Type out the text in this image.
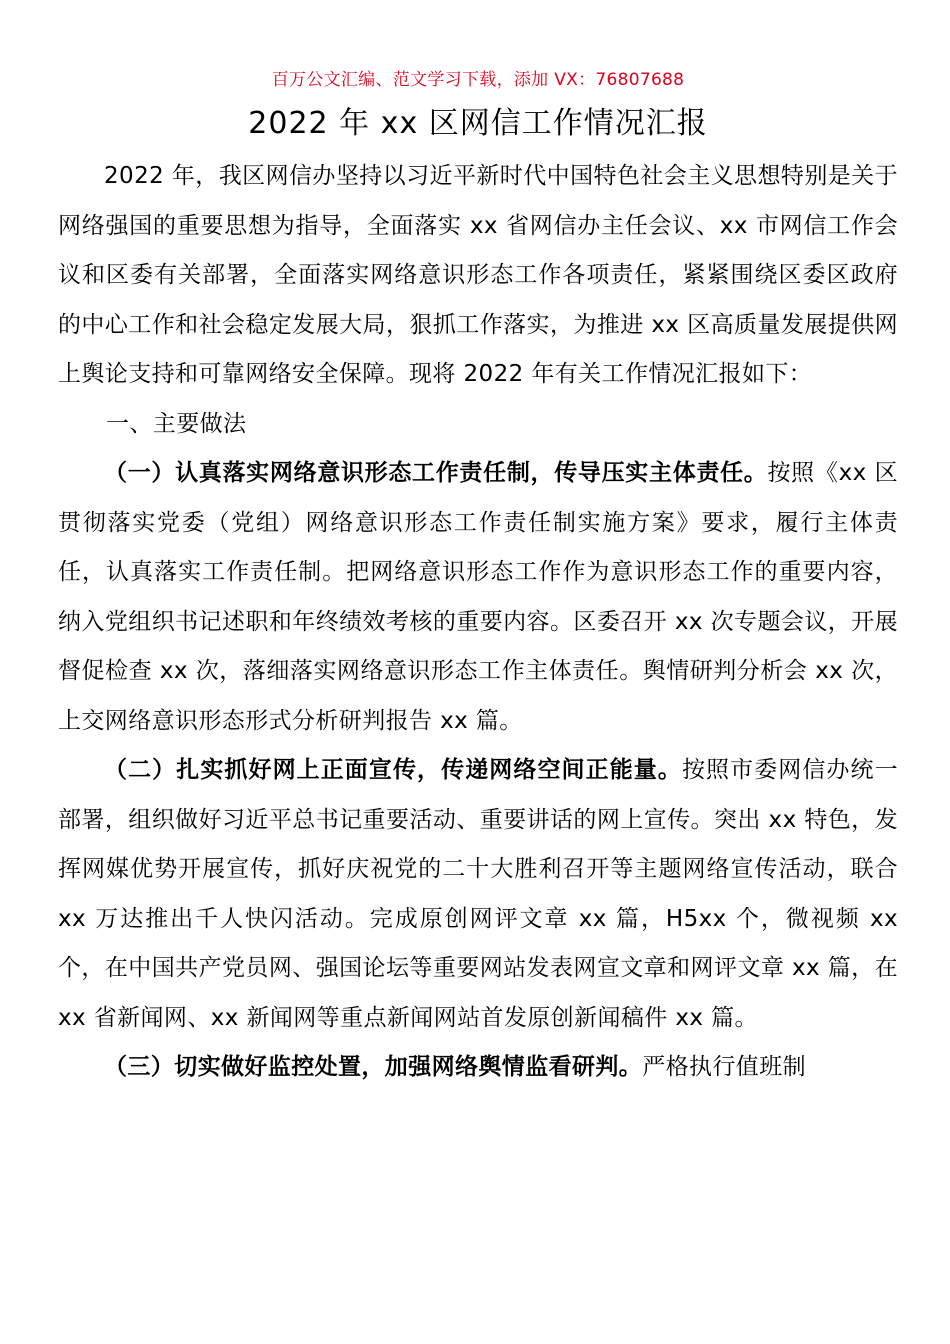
百万公文汇编、范文学习下载，添加 VX：76807688

2022 年 xx 区网信工作情况汇报

2022 年，我区网信办坚持以习近平新时代中国特色社会主义思想特别是关于网络强国的重要思想为指导，全面落实 xx 省网信办主任会议、xx 市网信工作会议和区委有关部署，全面落实网络意识形态工作各项责任，紧紧围绕区委区政府的中心工作和社会稳定发展大局，狠抓工作落实，为推进 xx 区高质量发展提供网上舆论支持和可靠网络安全保障。现将 2022 年有关工作情况汇报如下：

一、主要做法

（一）认真落实网络意识形态工作责任制，传导压实主体责任。按照《xx 区贯彻落实党委（党组）网络意识形态工作责任制实施方案》要求，履行主体责任，认真落实工作责任制。把网络意识形态工作作为意识形态工作的重要内容，纳入党组织书记述职和年终绩效考核的重要内容。区委召开 xx 次专题会议，开展督促检查 xx 次，落细落实网络意识形态工作主体责任。舆情研判分析会 xx 次，上交网络意识形态形式分析研判报告 xx 篇。

（二）扎实抓好网上正面宣传，传递网络空间正能量。按照市委网信办统一部署，组织做好习近平总书记重要活动、重要讲话的网上宣传。突出 xx 特色，发挥网媒优势开展宣传，抓好庆祝党的二十大胜利召开等主题网络宣传活动，联合 xx 万达推出千人快闪活动。完成原创网评文章 xx 篇，H5xx 个，微视频 xx 个，在中国共产党员网、强国论坛等重要网站发表网宣文章和网评文章 xx 篇，在 xx 省新闻网、xx 新闻网等重点新闻网站首发原创新闻稿件 xx 篇。

（三）切实做好监控处置，加强网络舆情监看研判。严格执行值班制
